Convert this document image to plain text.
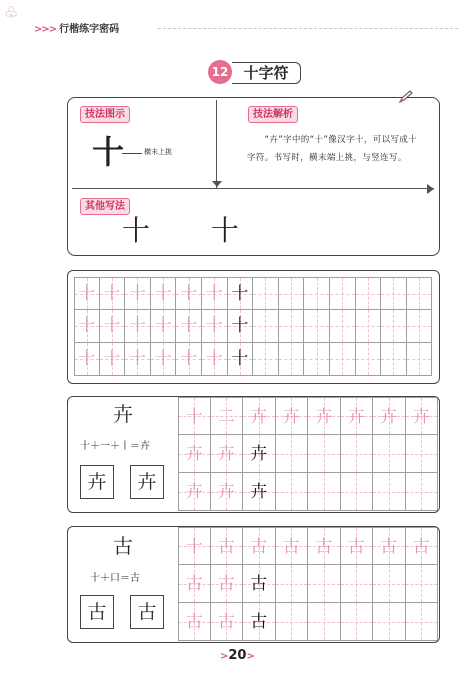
♧
>>> 行楷练字密码
12	十字符
技法图示	技法解析
其他写法
十	横末上挑

“卉”字中的“十”像汉字十，可以写成十字符。书写时，横末端上挑，与竖连写。

十 十
十 十 十 十 十 十 十
十 十 十 十 十 十 十
十 十 十 十 十 十 十
卉
十＋一＋丨＝卉
卉	卉
十 二 卉 卉 卉 卉 卉 卉
卉 卉 卉
卉 卉 卉
古
十＋口＝古
古	古
十 古 古 古 古 古 古 古
古 古 古
古 古 古
>20>
